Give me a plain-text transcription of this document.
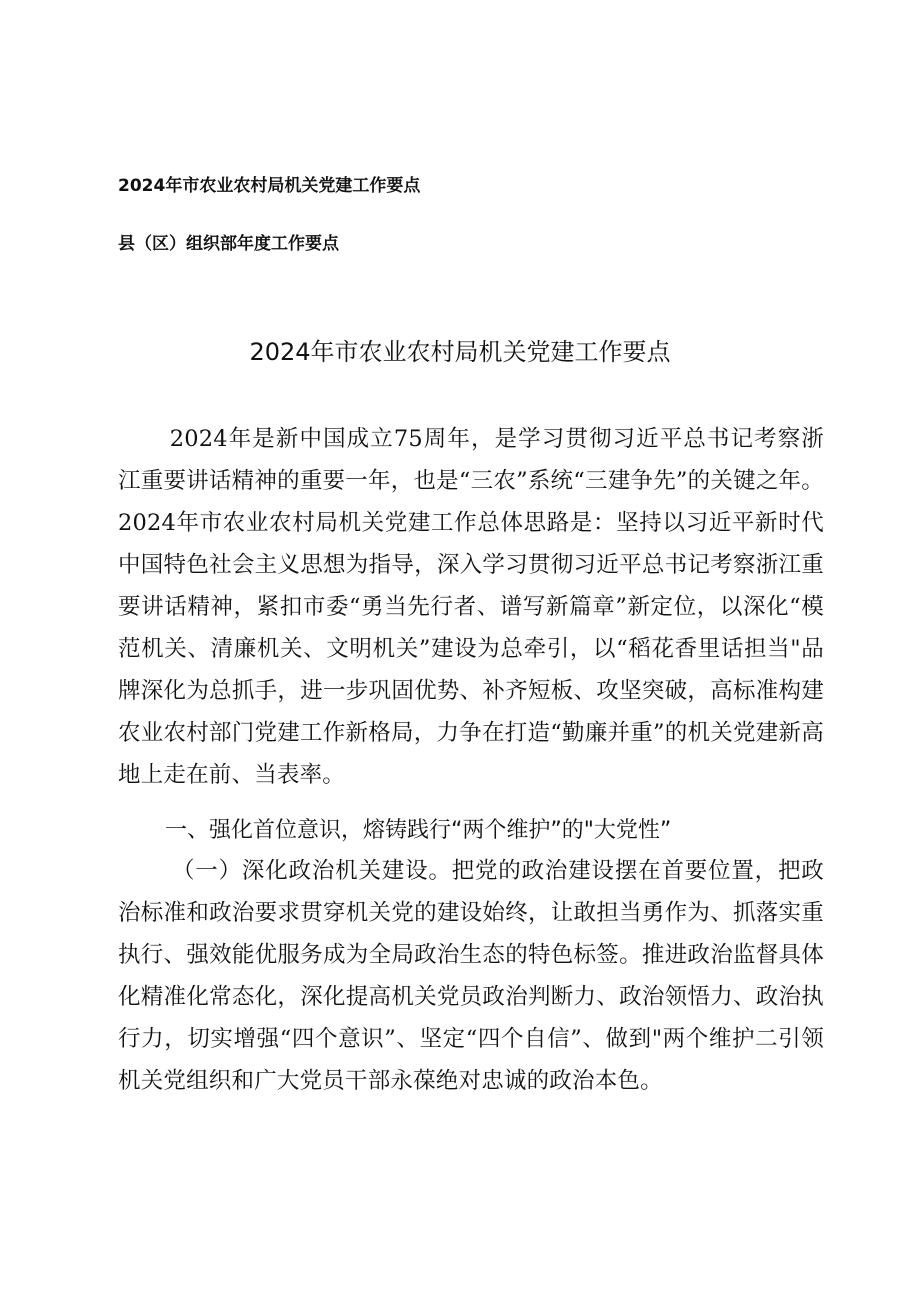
2024年市农业农村局机关党建工作要点
县（区）组织部年度工作要点
2024年市农业农村局机关党建工作要点
2024年是新中国成立75周年，是学习贯彻习近平总书记考察浙江重要讲话精神的重要一年，也是“三农”系统“三建争先”的关键之年。2024年市农业农村局机关党建工作总体思路是：坚持以习近平新时代中国特色社会主义思想为指导，深入学习贯彻习近平总书记考察浙江重要讲话精神，紧扣市委“勇当先行者、谱写新篇章”新定位，以深化“模范机关、清廉机关、文明机关”建设为总牵引，以“稻花香里话担当"品牌深化为总抓手，进一步巩固优势、补齐短板、攻坚突破，高标准构建农业农村部门党建工作新格局，力争在打造“勤廉并重”的机关党建新高地上走在前、当表率。
一、强化首位意识，熔铸践行“两个维护”的"大党性”
（一）深化政治机关建设。把党的政治建设摆在首要位置，把政治标准和政治要求贯穿机关党的建设始终，让敢担当勇作为、抓落实重执行、强效能优服务成为全局政治生态的特色标签。推进政治监督具体化精准化常态化，深化提高机关党员政治判断力、政治领悟力、政治执行力，切实增强“四个意识”、坚定“四个自信”、做到"两个维护二引领机关党组织和广大党员干部永葆绝对忠诚的政治本色。
